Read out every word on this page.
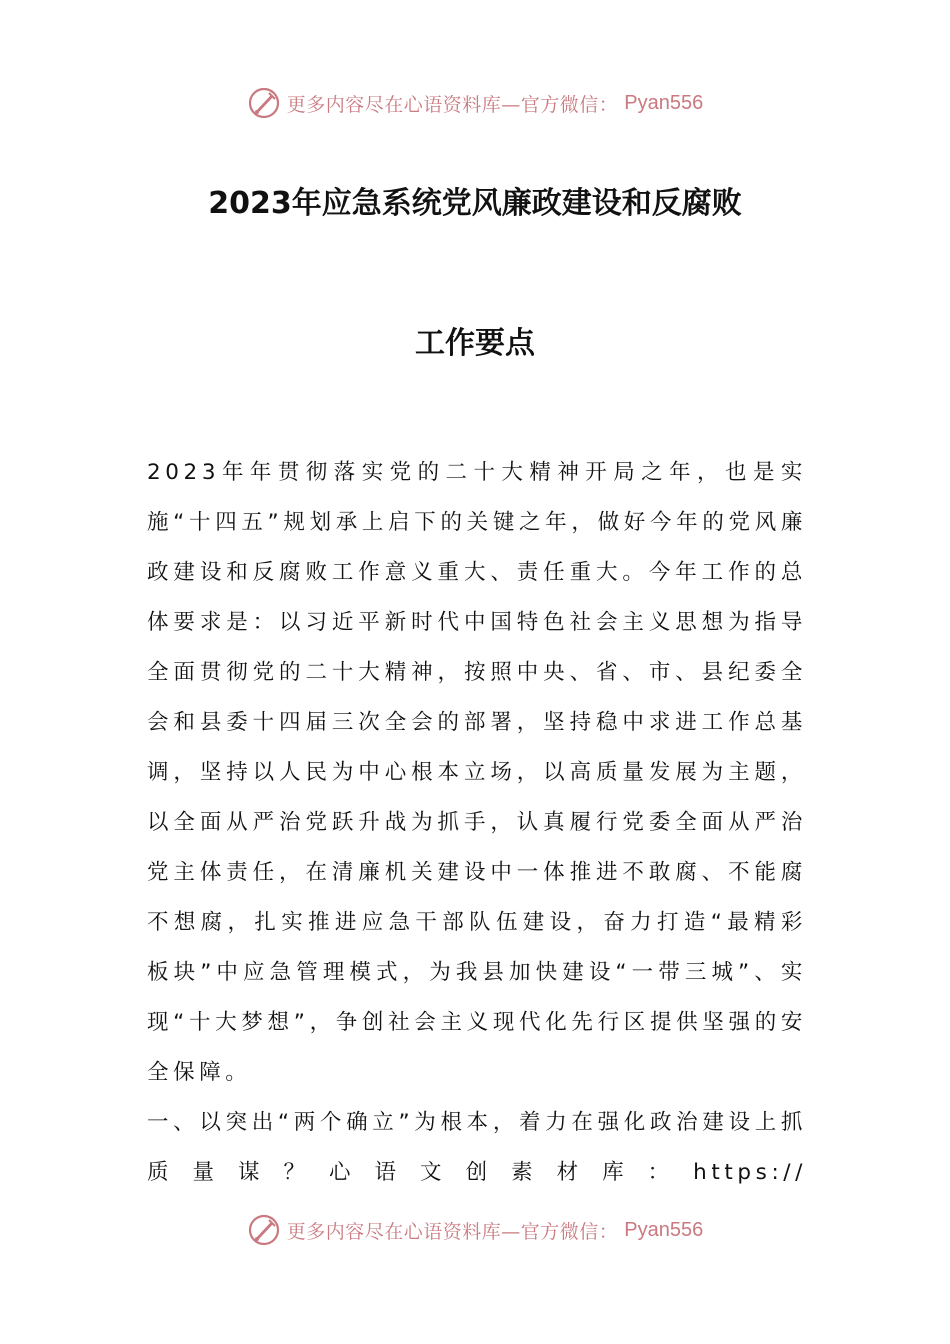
更多内容尽在心语资料库—官方微信： Pyan556
2023年应急系统党风廉政建设和反腐败
工作要点

2023年年贯彻落实党的二十大精神开局之年，也是实施“十四五”规划承上启下的关键之年，做好今年的党风廉政建设和反腐败工作意义重大、责任重大。今年工作的总体要求是：以习近平新时代中国特色社会主义思想为指导全面贯彻党的二十大精神，按照中央、省、市、县纪委全会和县委十四届三次全会的部署，坚持稳中求进工作总基调，坚持以人民为中心根本立场，以高质量发展为主题，以全面从严治党跃升战为抓手，认真履行党委全面从严治党主体责任，在清廉机关建设中一体推进不敢腐、不能腐不想腐，扎实推进应急干部队伍建设，奋力打造“最精彩板块”中应急管理模式，为我县加快建设“一带三城”、实现“十大梦想”，争创社会主义现代化先行区提供坚强的安全保障。

一、以突出“两个确立”为根本，着力在强化政治建设上抓质量谋？心语文创素材库：https://

更多内容尽在心语资料库—官方微信： Pyan556
